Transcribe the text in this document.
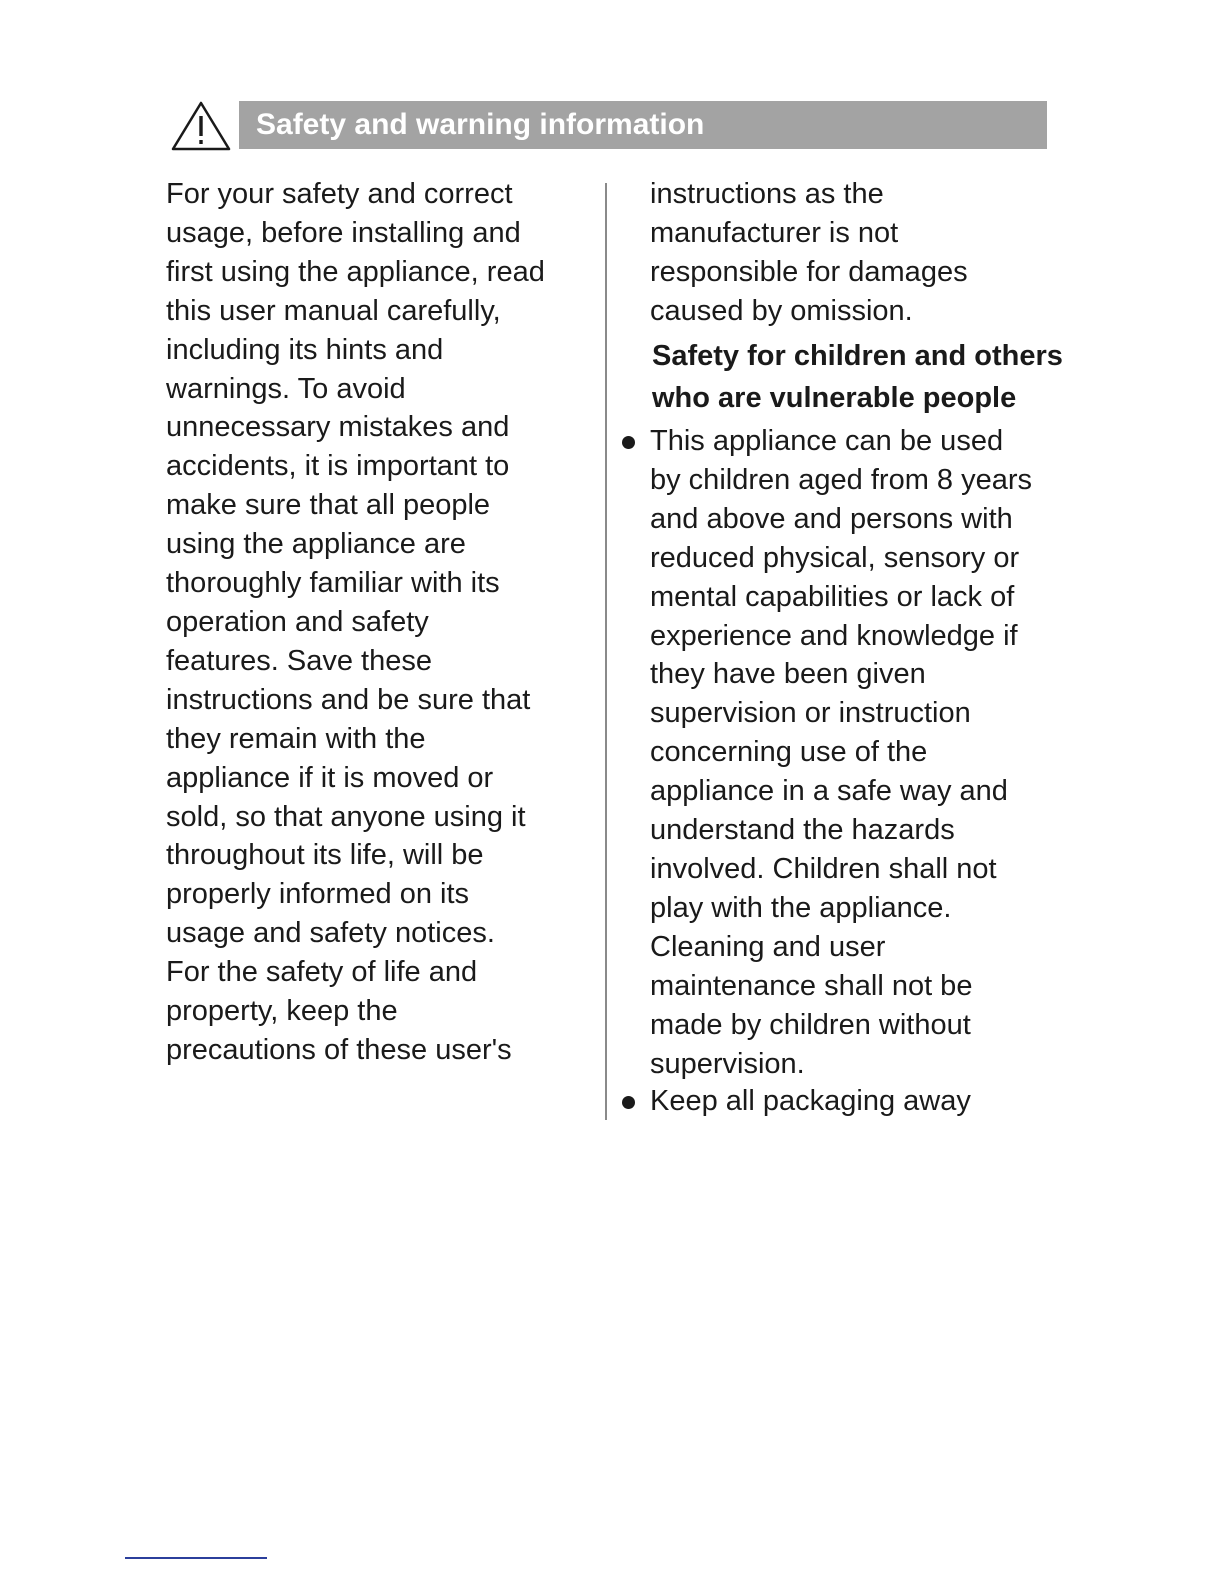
Safety and warning information
For your safety and correct
usage, before installing and
first using the appliance, read
this user manual carefully,
including its hints and
warnings. To avoid
unnecessary mistakes and
accidents, it is important to
make sure that all people
using the appliance are
thoroughly familiar with its
operation and safety
features. Save these
instructions and be sure that
they remain with the
appliance if it is moved or
sold, so that anyone using it
throughout its life, will be
properly informed on its
usage and safety notices.
For the safety of life and
property, keep the
precautions of these user's
instructions as the
manufacturer is not
responsible for damages
caused by omission.
Safety for children and others
who are vulnerable people
This appliance can be used
by children aged from 8 years
and above and persons with
reduced physical, sensory or
mental capabilities or lack of
experience and knowledge if
they have been given
supervision or instruction
concerning use of the
appliance in a safe way and
understand the hazards
involved. Children shall not
play with the appliance.
Cleaning and user
maintenance shall not be
made by children without
supervision.
Keep all packaging away
